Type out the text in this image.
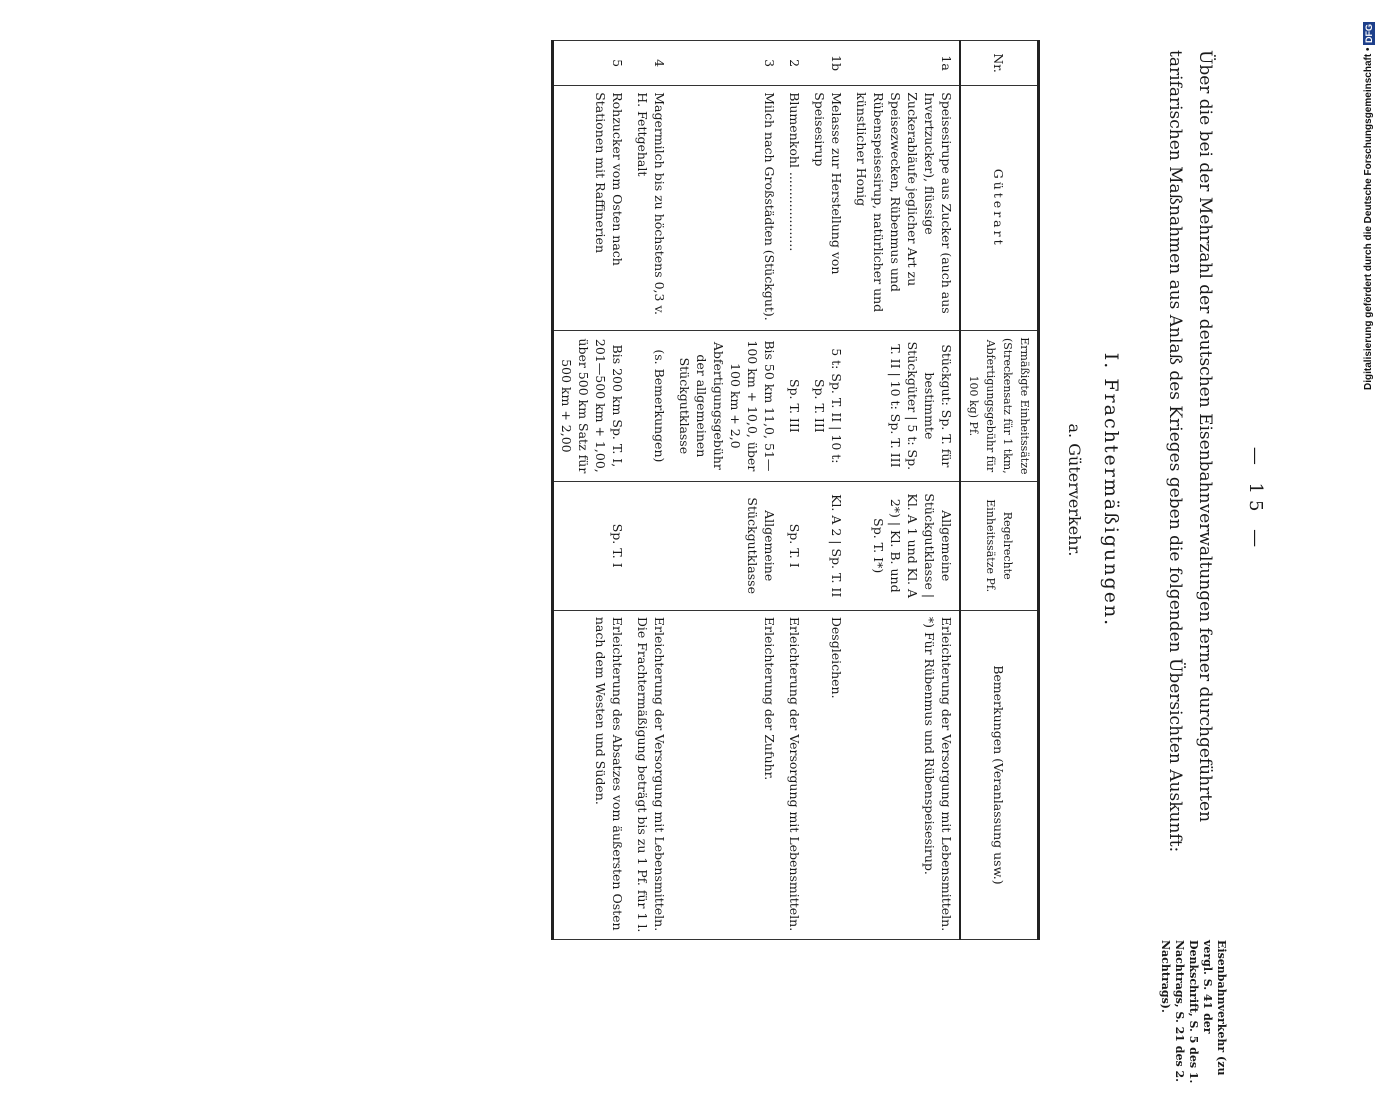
— 15 —
Über die bei der Mehrzahl der deutschen Eisenbahnverwaltungen ferner durchgeführten tarifarischen Maßnahmen aus Anlaß des Krieges geben die folgenden Übersichten Auskunft:
Eisenbahnverkehr (zu vergl. S. 41 der Denkschrift, S. 5 des 1. Nachtrags, S. 21 des 2. Nachtrags).
I. Frachtermäßigungen.
a. Güterverkehr.
Nr.	Güterart	Ermäßigte Einheitssätze (Streckensatz für 1 tkm, Abfertigungsgebühr für 100 kg) Pf.	Regelrechte Einheitssätze Pf.	Bemerkungen (Veranlassung usw.)
1a	Speisesirupe aus Zucker (auch aus Invertzucker), flüssige Zuckerabläufe jeglicher Art zu Speisezwecken, Rübenmus und Rübenspeisesirup, natürlicher und künstlicher Honig	Stückgut: Sp. T. für bestimmte Stückgüter | 5 t: Sp. T. II | 10 t: Sp. T. III	Allgemeine Stückgutklasse | Kl. A 1 und Kl. A 2*) | Kl. B. und Sp. T. I*)	Erleichterung der Versorgung mit Lebensmitteln. *) Für Rübenmus und Rübenspeisesirup.
1b	Melasse zur Herstellung von Speisesirup	5 t: Sp. T. II | 10 t: Sp. T. III	Kl. A 2 | Sp. T. II	Desgleichen.
2	Blumenkohl ....................	Sp. T. III	Sp. T. I	Erleichterung der Versorgung mit Lebensmitteln.
3	Milch nach Großstädten (Stückgut).	Bis 50 km 11,0, 51—100 km + 10,0, über 100 km + 2,0 Abfertigungsgebühr der allgemeinen Stückgutklasse	Allgemeine Stückgutklasse	Erleichterung der Zufuhr.
4	Magermilch bis zu höchstens 0,3 v. H. Fettgehalt	(s. Bemerkungen)		Erleichterung der Versorgung mit Lebensmitteln. Die Frachtermäßigung beträgt bis zu 1 Pf. für 1 l.
5	Rohzucker vom Osten nach Stationen mit Raffinerien	Bis 200 km Sp. T. I, 201—500 km + 1,00, über 500 km Satz für 500 km + 2,00	Sp. T. I	Erleichterung des Absatzes vom äußersten Osten nach dem Westen und Süden.
Digitalisierung gefördert durch die Deutsche Forschungsgemeinschaft • DFG
